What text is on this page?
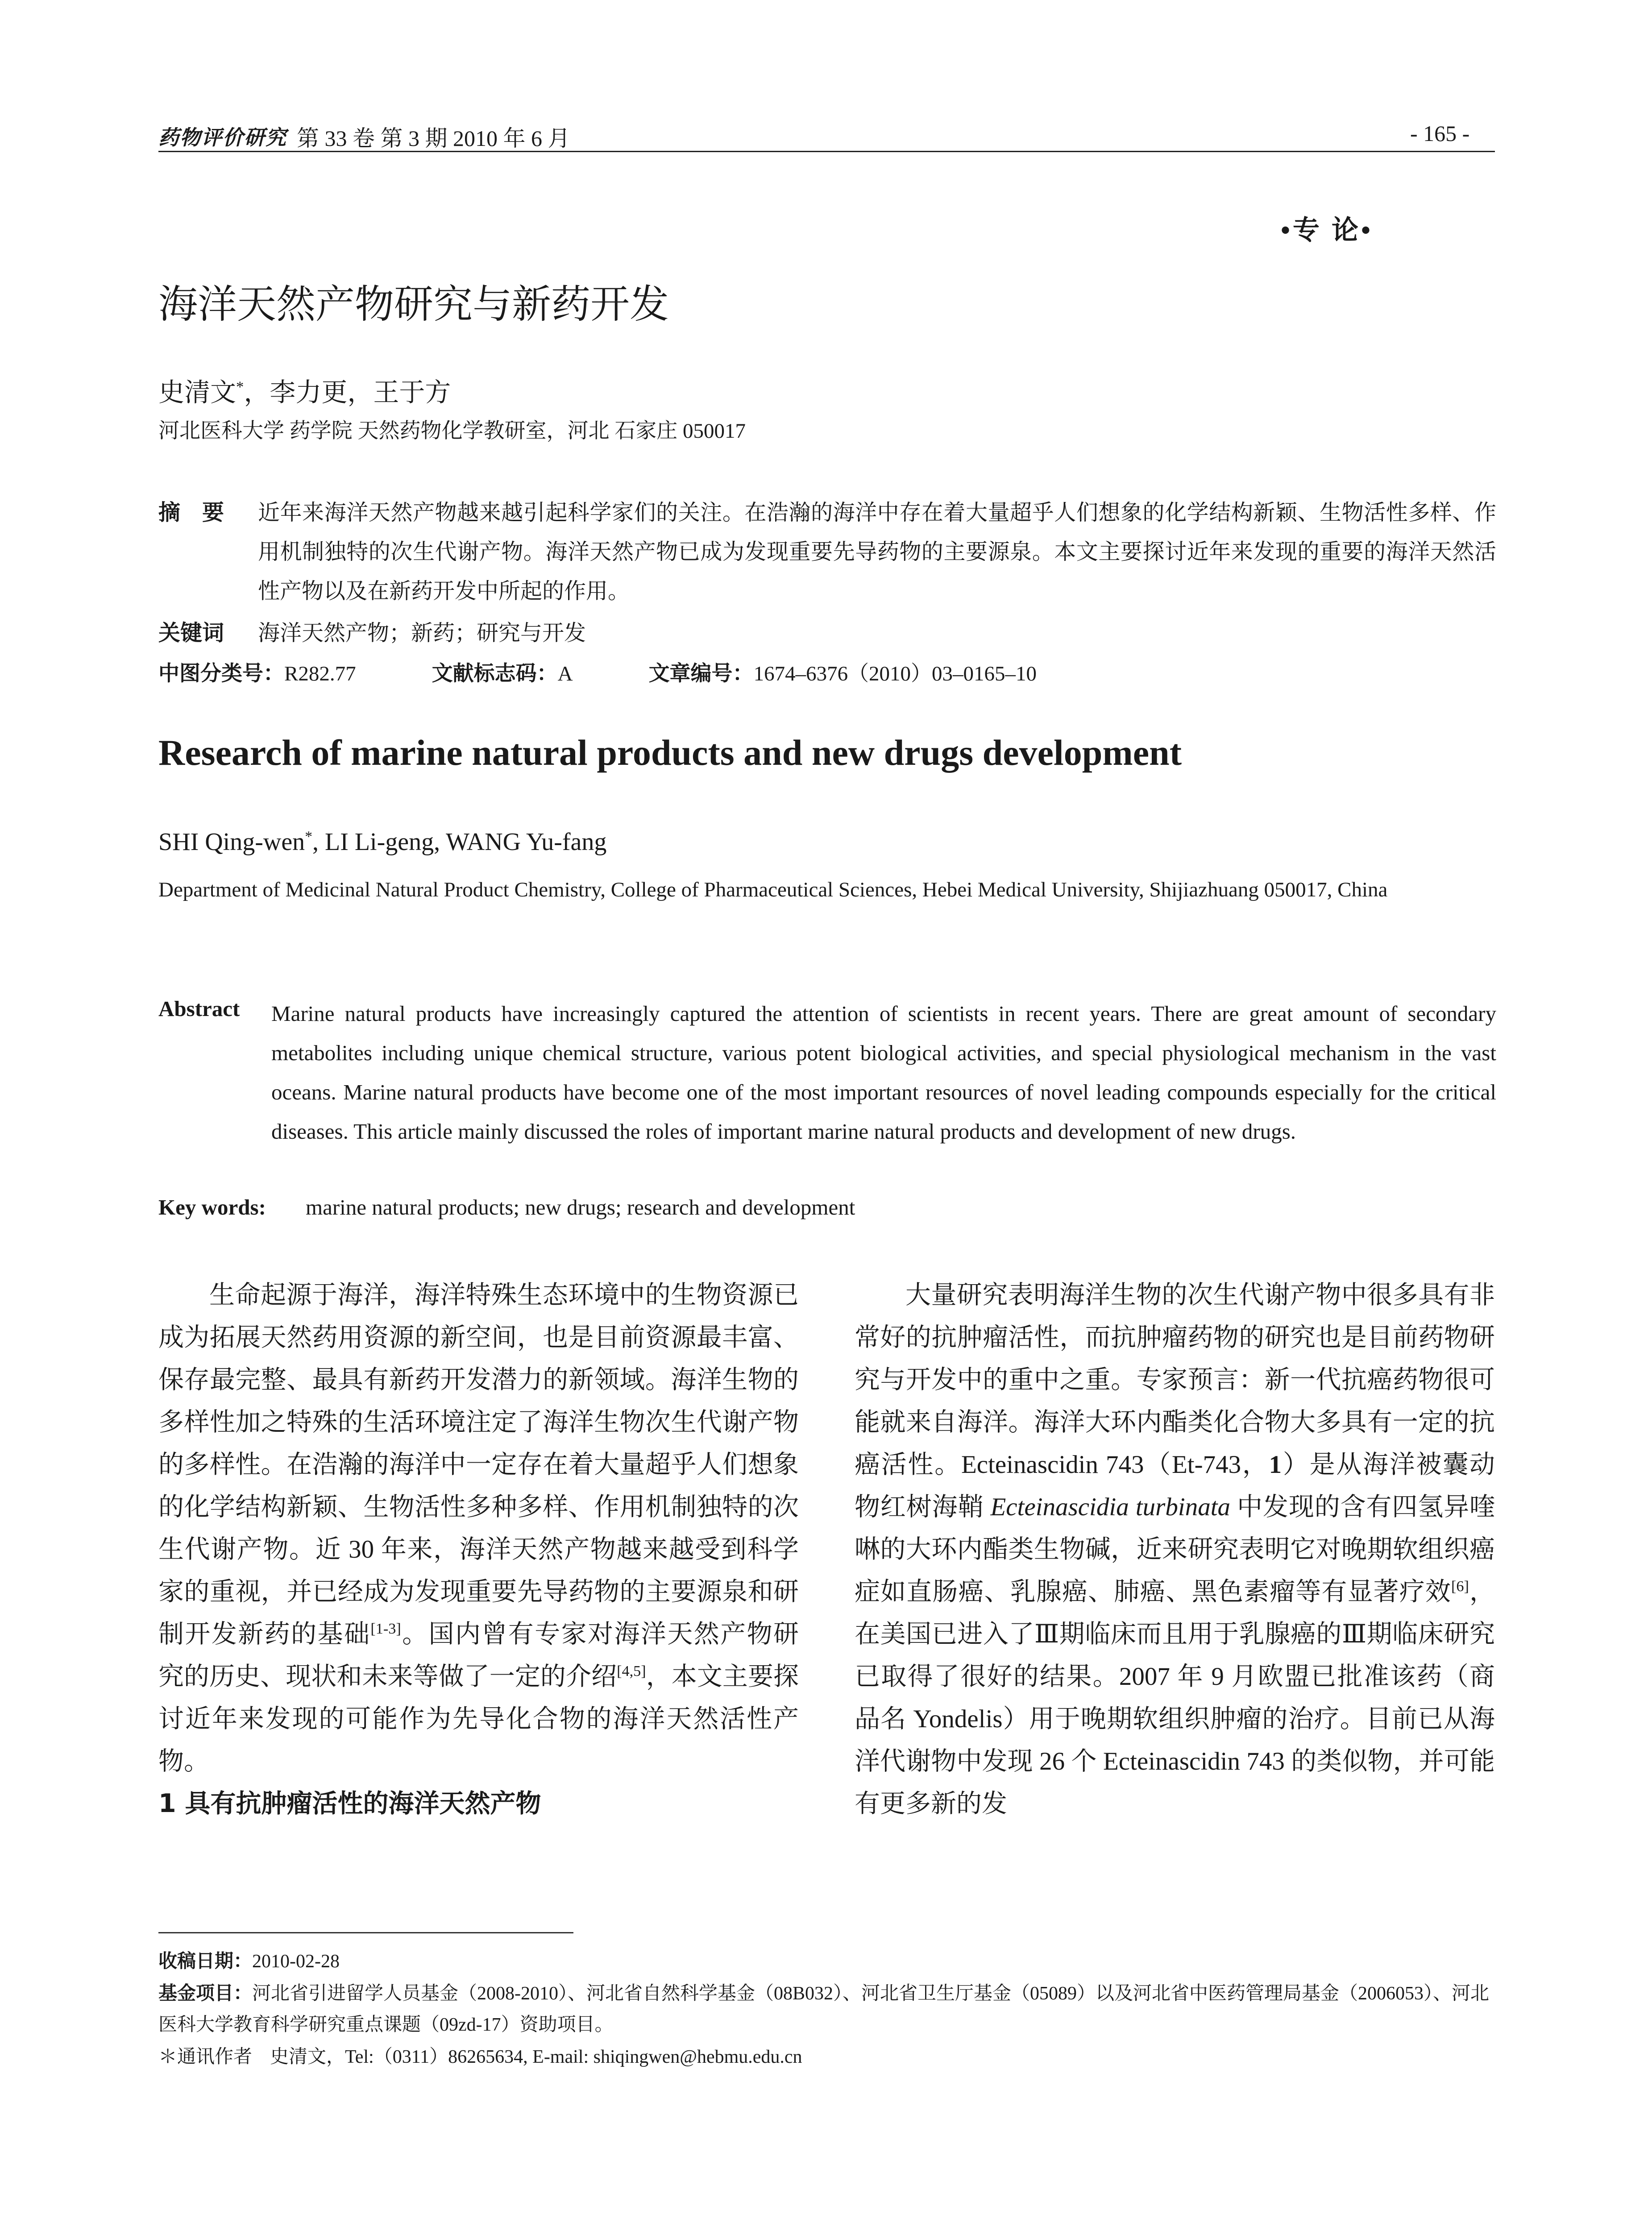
药物评价研究 第 33 卷 第 3 期 2010 年 6 月	- 165 -
•专 论•
海洋天然产物研究与新药开发
史清文*，李力更，王于方
河北医科大学 药学院 天然药物化学教研室，河北 石家庄 050017
摘 要 近年来海洋天然产物越来越引起科学家们的关注。在浩瀚的海洋中存在着大量超乎人们想象的化学结构新颖、生物活性多样、作用机制独特的次生代谢产物。海洋天然产物已成为发现重要先导药物的主要源泉。本文主要探讨近年来发现的重要的海洋天然活性产物以及在新药开发中所起的作用。
关键词 海洋天然产物；新药；研究与开发
中图分类号：R282.77	文献标志码：A	文章编号：1674–6376（2010）03–0165–10
Research of marine natural products and new drugs development
SHI Qing-wen*, LI Li-geng, WANG Yu-fang
Department of Medicinal Natural Product Chemistry, College of Pharmaceutical Sciences, Hebei Medical University, Shijiazhuang 050017, China
Abstract Marine natural products have increasingly captured the attention of scientists in recent years. There are great amount of secondary metabolites including unique chemical structure, various potent biological activities, and special physiological mechanism in the vast oceans. Marine natural products have become one of the most important resources of novel leading compounds especially for the critical diseases. This article mainly discussed the roles of important marine natural products and development of new drugs.
Key words: marine natural products; new drugs; research and development
生命起源于海洋，海洋特殊生态环境中的生物资源已成为拓展天然药用资源的新空间，也是目前资源最丰富、保存最完整、最具有新药开发潜力的新领域。海洋生物的多样性加之特殊的生活环境注定了海洋生物次生代谢产物的多样性。在浩瀚的海洋中一定存在着大量超乎人们想象的化学结构新颖、生物活性多种多样、作用机制独特的次生代谢产物。近 30 年来，海洋天然产物越来越受到科学家的重视，并已经成为发现重要先导药物的主要源泉和研制开发新药的基础[1-3]。国内曾有专家对海洋天然产物研究的历史、现状和未来等做了一定的介绍[4,5]，本文主要探讨近年来发现的可能作为先导化合物的海洋天然活性产物。
1 具有抗肿瘤活性的海洋天然产物
大量研究表明海洋生物的次生代谢产物中很多具有非常好的抗肿瘤活性，而抗肿瘤药物的研究也是目前药物研究与开发中的重中之重。专家预言：新一代抗癌药物很可能就来自海洋。海洋大环内酯类化合物大多具有一定的抗癌活性。Ecteinascidin 743（Et-743，1）是从海洋被囊动物红树海鞘 Ecteinascidia turbinata 中发现的含有四氢异喹啉的大环内酯类生物碱，近来研究表明它对晚期软组织癌症如直肠癌、乳腺癌、肺癌、黑色素瘤等有显著疗效[6]，在美国已进入了Ⅲ期临床而且用于乳腺癌的Ⅲ期临床研究已取得了很好的结果。2007 年 9 月欧盟已批准该药（商品名 Yondelis）用于晚期软组织肿瘤的治疗。目前已从海洋代谢物中发现 26 个 Ecteinascidin 743 的类似物，并可能有更多新的发
收稿日期：2010-02-28
基金项目：河北省引进留学人员基金（2008-2010）、河北省自然科学基金（08B032）、河北省卫生厅基金（05089）以及河北省中医药管理局基金（2006053）、河北医科大学教育科学研究重点课题（09zd-17）资助项目。
＊通讯作者 史清文，Tel:（0311）86265634, E-mail: shiqingwen@hebmu.edu.cn
